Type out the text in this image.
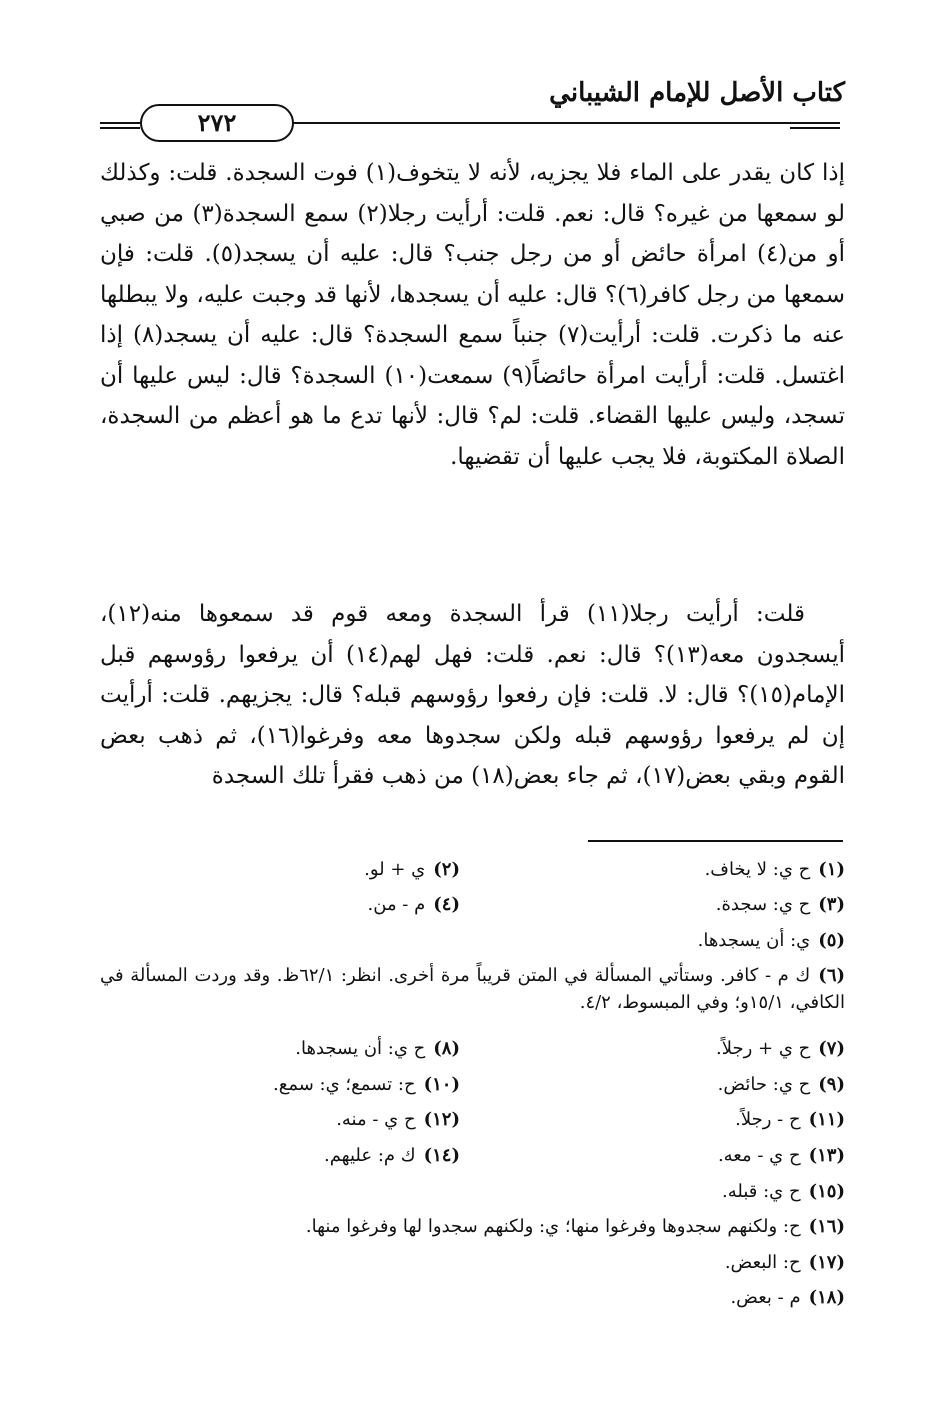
كتاب الأصل للإمام الشيباني
٢٧٢

إذا كان يقدر على الماء فلا يجزيه، لأنه لا يتخوف(١) فوت السجدة. قلت: وكذلك لو سمعها من غيره؟ قال: نعم. قلت: أرأيت رجلا(٢) سمع السجدة(٣) من صبي أو من(٤) امرأة حائض أو من رجل جنب؟ قال: عليه أن يسجد(٥). قلت: فإن سمعها من رجل كافر(٦)؟ قال: عليه أن يسجدها، لأنها قد وجبت عليه، ولا يبطلها عنه ما ذكرت. قلت: أرأيت(٧) جنباً سمع السجدة؟ قال: عليه أن يسجد(٨) إذا اغتسل. قلت: أرأيت امرأة حائضاً(٩) سمعت(١٠) السجدة؟ قال: ليس عليها أن تسجد، وليس عليها القضاء. قلت: لم؟ قال: لأنها تدع ما هو أعظم من السجدة، الصلاة المكتوبة، فلا يجب عليها أن تقضيها.

قلت: أرأيت رجلا(١١) قرأ السجدة ومعه قوم قد سمعوها منه(١٢)، أيسجدون معه(١٣)؟ قال: نعم. قلت: فهل لهم(١٤) أن يرفعوا رؤوسهم قبل الإمام(١٥)؟ قال: لا. قلت: فإن رفعوا رؤوسهم قبله؟ قال: يجزيهم. قلت: أرأيت إن لم يرفعوا رؤوسهم قبله ولكن سجدوها معه وفرغوا(١٦)، ثم ذهب بعض القوم وبقي بعض(١٧)، ثم جاء بعض(١٨) من ذهب فقرأ تلك السجدة

(١)ح ي: لا يخاف.
(٢)ي + لو.
(٣)ح ي: سجدة.
(٤)م - من.
(٥)ي: أن يسجدها.
(٦)ك م - كافر. وستأتي المسألة في المتن قريباً مرة أخرى. انظر: ٦٢/١ظ. وقد وردت المسألة في الكافي، ١٥/١و؛ وفي المبسوط، ٤/٢.
(٧)ح ي + رجلاً.
(٨)ح ي: أن يسجدها.
(٩)ح ي: حائض.
(١٠)ح: تسمع؛ ي: سمع.
(١١)ح - رجلاً.
(١٢)ح ي - منه.
(١٣)ح ي - معه.
(١٤)ك م: عليهم.
(١٥)ح ي: قبله.
(١٦)ح: ولكنهم سجدوها وفرغوا منها؛ ي: ولكنهم سجدوا لها وفرغوا منها.
(١٧)ح: البعض.
(١٨)م - بعض.
